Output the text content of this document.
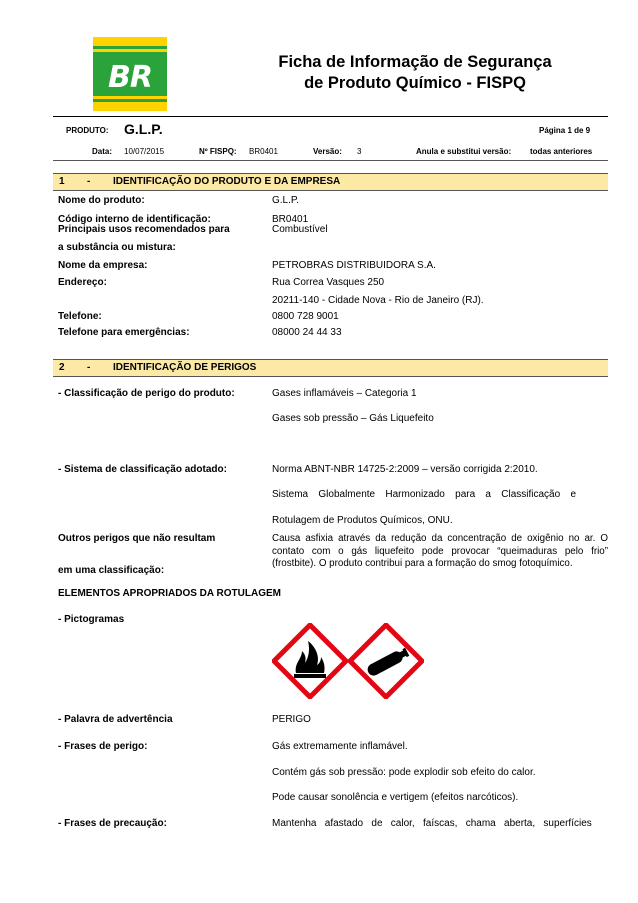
BR	Ficha de Informação de Segurança
de Produto Químico - FISPQ
PRODUTO: G.L.P.	Página 1 de 9
Data: 10/07/2015	Nº FISPQ: BR0401	Versão: 3	Anula e substitui versão: todas anteriores
1 - IDENTIFICAÇÃO DO PRODUTO E DA EMPRESA
Nome do produto:	G.L.P.
Código interno de identificação:	BR0401
Principais usos recomendados para	Combustível
a substância ou mistura:
Nome da empresa:	PETROBRAS DISTRIBUIDORA S.A.
Endereço:	Rua Correa Vasques 250
20211-140 - Cidade Nova - Rio de Janeiro (RJ).
Telefone:	0800 728 9001
Telefone para emergências:	08000 24 44 33
2 - IDENTIFICAÇÃO DE PERIGOS
- Classificação de perigo do produto:	Gases inflamáveis – Categoria 1
Gases sob pressão – Gás Liquefeito
- Sistema de classificação adotado:	Norma ABNT-NBR 14725-2:2009 – versão corrigida 2:2010.
Sistema Globalmente Harmonizado para a Classificação e
Rotulagem de Produtos Químicos, ONU.
Outros perigos que não resultam
em uma classificação:
Causa asfixia através da redução da concentração de oxigênio no ar. O contato com o gás liquefeito pode provocar “queimaduras pelo frio” (frostbite). O produto contribui para a formação do smog fotoquímico.
ELEMENTOS APROPRIADOS DA ROTULAGEM
- Pictogramas
- Palavra de advertência	PERIGO
- Frases de perigo:	Gás extremamente inflamável.
Contém gás sob pressão: pode explodir sob efeito do calor.
Pode causar sonolência e vertigem (efeitos narcóticos).
- Frases de precaução:	Mantenha afastado de calor, faíscas, chama aberta, superfícies
